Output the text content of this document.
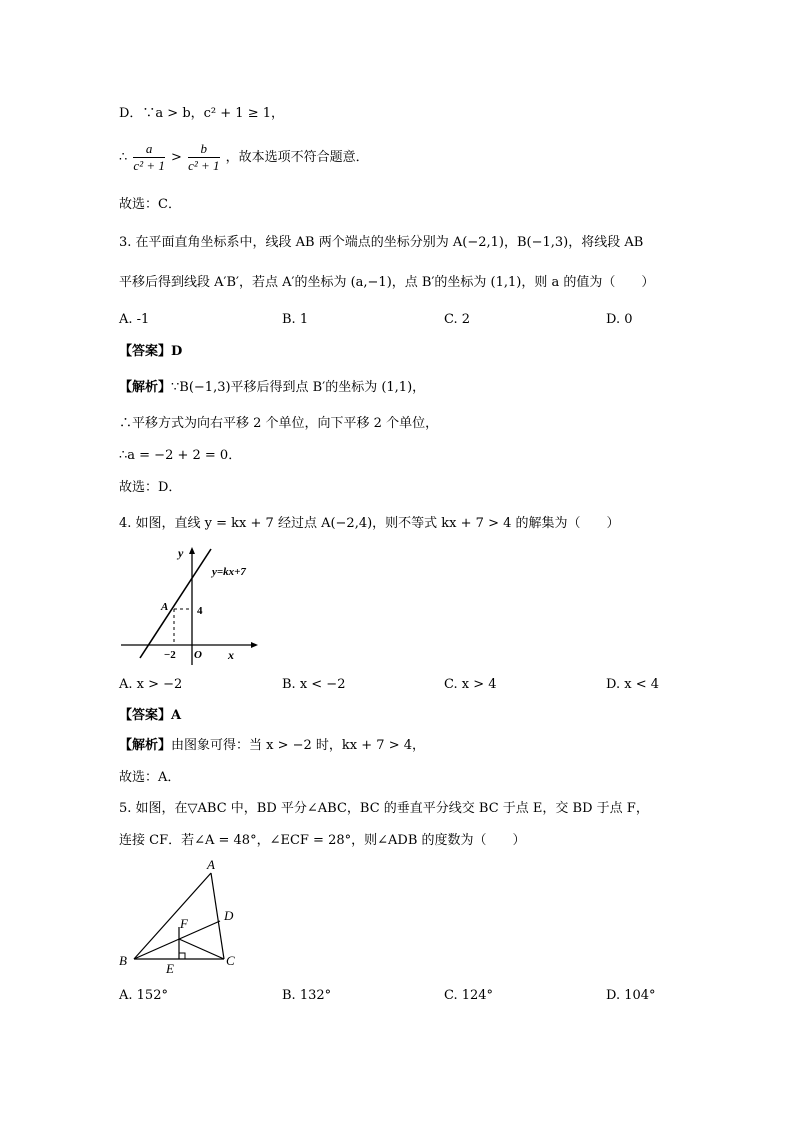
D．∵a > b，c² + 1 ≥ 1，
∴ $\frac{a}{\text{c² + 1}} > \frac{b}{\text{c² + 1}}$ ，故本选项不符合题意．
故选：C．
3. 在平面直角坐标系中，线段 AB 两个端点的坐标分别为 A(−2,1)，B(−1,3)，将线段 AB
平移后得到线段 A′B′，若点 A′的坐标为 (a,−1)，点 B′的坐标为 (1,1)，则 a 的值为（　　）
A. -1	B. 1	C. 2	D. 0
【答案】D
【解析】∵B(−1,3)平移后得到点 B′的坐标为 (1,1)，
∴平移方式为向右平移 2 个单位，向下平移 2 个单位，
∴a = −2 + 2 = 0．
故选：D．
4. 如图，直线 y = kx + 7 经过点 A(−2,4)，则不等式 kx + 7 > 4 的解集为（　　）
y
y=kx+7
A	4
−2 O x
A. x > −2	B. x < −2	C. x > 4	D. x < 4
【答案】A
【解析】由图象可得：当 x > −2 时，kx + 7 > 4，
故选：A．
5. 如图，在▽ABC 中，BD 平分∠ABC，BC 的垂直平分线交 BC 于点 E，交 BD 于点 F，
连接 CF．若∠A = 48°，∠ECF = 28°，则∠ADB 的度数为（　　）
A
D
F
B	C
E
A. 152°	B. 132°	C. 124°	D. 104°
